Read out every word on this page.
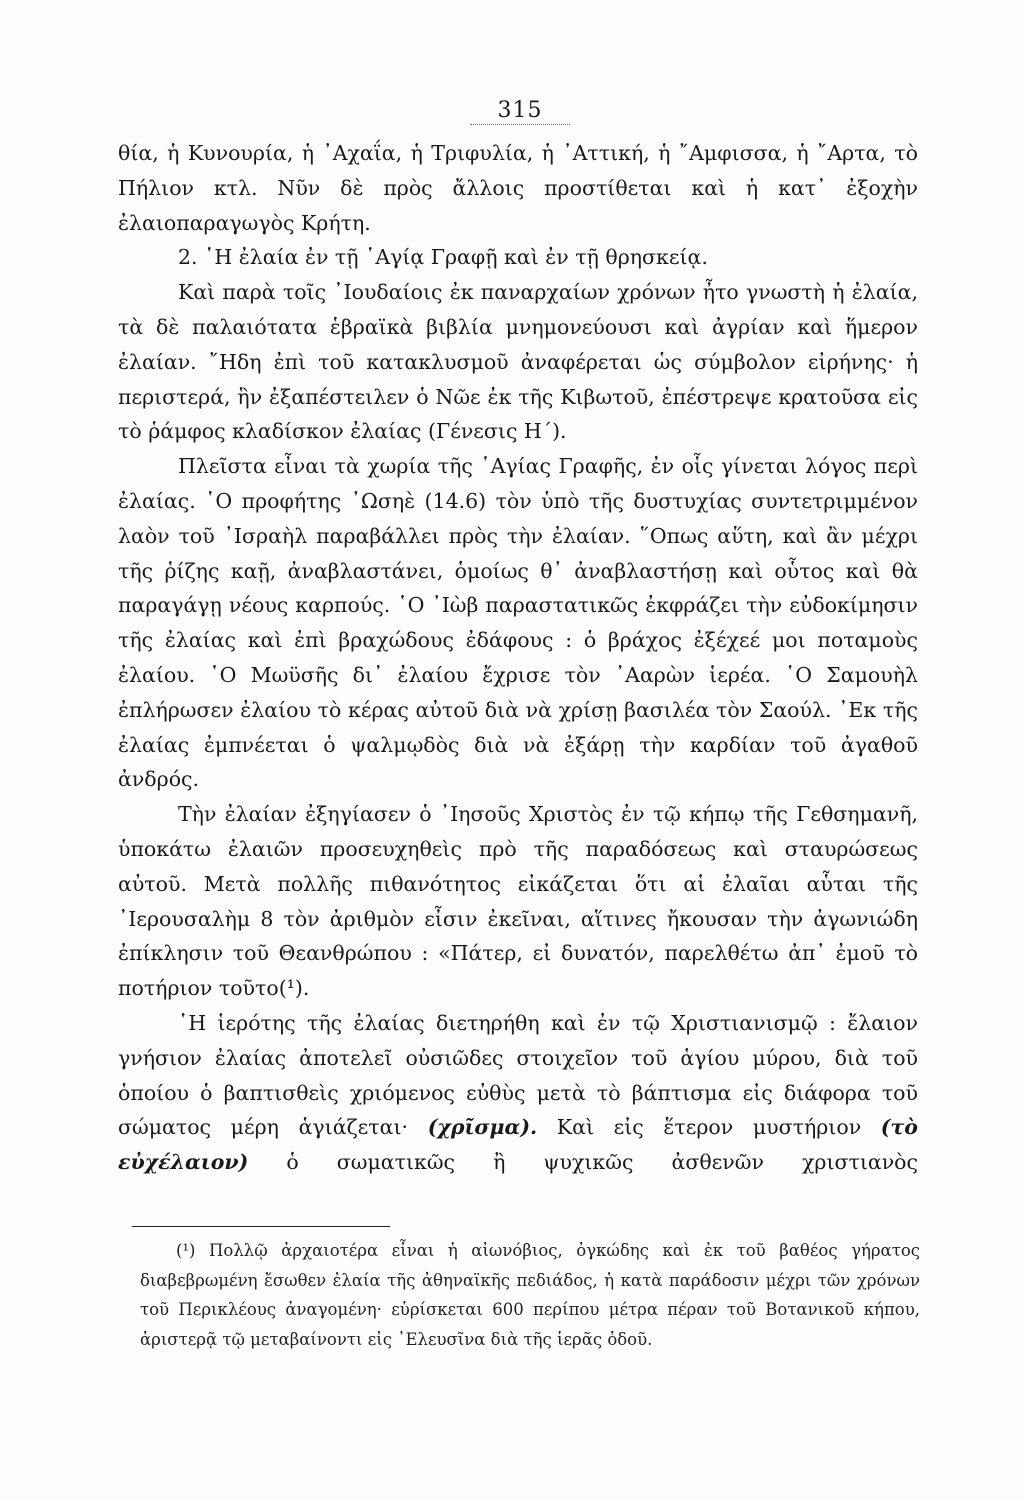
315

θία, ἡ Κυνουρία, ἡ ᾿Αχαΐα, ἡ Τριφυλία, ἡ ᾿Αττική, ἡ ῎Αμφισσα, ἡ ῎Αρτα, τὸ Πήλιον κτλ. Νῦν δὲ πρὸς ἄλλοις προστίθεται καὶ ἡ κατ᾿ ἐξοχὴν ἐλαιοπαραγωγὸς Κρήτη.

2. ῾Η ἐλαία ἐν τῇ ῾Αγίᾳ Γραφῇ καὶ ἐν τῇ θρησκείᾳ.

Καὶ παρὰ τοῖς ᾿Ιουδαίοις ἐκ παναρχαίων χρόνων ἦτο γνωστὴ ἡ ἐλαία, τὰ δὲ παλαιότατα ἑβραϊκὰ βιβλία μνημονεύουσι καὶ ἀγρίαν καὶ ἥμερον ἐλαίαν. ῎Ηδη ἐπὶ τοῦ κατακλυσμοῦ ἀναφέρεται ὡς σύμβολον εἰρήνης· ἡ περιστερά, ἣν ἐξαπέστειλεν ὁ Νῶε ἐκ τῆς Κιβωτοῦ, ἐπέστρεψε κρατοῦσα εἰς τὸ ῥάμφος κλαδίσκον ἐλαίας (Γένεσις Η΄).

Πλεῖστα εἶναι τὰ χωρία τῆς ῾Αγίας Γραφῆς, ἐν οἷς γίνεται λόγος περὶ ἐλαίας. ῾Ο προφήτης ᾿Ωσηὲ (14.6) τὸν ὑπὸ τῆς δυστυχίας συντετριμμένον λαὸν τοῦ ᾿Ισραὴλ παραβάλλει πρὸς τὴν ἐλαίαν. ῞Οπως αὕτη, καὶ ἂν μέχρι τῆς ῥίζης καῇ, ἀναβλαστάνει, ὁμοίως θ᾿ ἀναβλαστήσῃ καὶ οὗτος καὶ θὰ παραγάγῃ νέους καρπούς. ῾Ο ᾿Ιὼβ παραστατικῶς ἐκφράζει τὴν εὐδοκίμησιν τῆς ἐλαίας καὶ ἐπὶ βραχώδους ἐδάφους : ὁ βράχος ἐξέχεέ μοι ποταμοὺς ἐλαίου. ῾Ο Μωϋσῆς δι᾿ ἐλαίου ἔχρισε τὸν ᾿Ααρὼν ἱερέα. ῾Ο Σαμουὴλ ἐπλήρωσεν ἐλαίου τὸ κέρας αὐτοῦ διὰ νὰ χρίσῃ βασιλέα τὸν Σαούλ. ᾿Εκ τῆς ἐλαίας ἐμπνέεται ὁ ψαλμῳδὸς διὰ νὰ ἐξάρῃ τὴν καρδίαν τοῦ ἀγαθοῦ ἀνδρός.

Τὴν ἐλαίαν ἐξηγίασεν ὁ ᾿Ιησοῦς Χριστὸς ἐν τῷ κήπῳ τῆς Γεθσημανῆ, ὑποκάτω ἐλαιῶν προσευχηθεὶς πρὸ τῆς παραδόσεως καὶ σταυρώσεως αὐτοῦ. Μετὰ πολλῆς πιθανότητος εἰκάζεται ὅτι αἱ ἐλαῖαι αὗται τῆς ᾿Ιερουσαλὴμ 8 τὸν ἀριθμὸν εἶσιν ἐκεῖναι, αἵτινες ἤκουσαν τὴν ἀγωνιώδη ἐπίκλησιν τοῦ Θεανθρώπου : «Πάτερ, εἰ δυνατόν, παρελθέτω ἀπ᾿ ἐμοῦ τὸ ποτήριον τοῦτο(¹).

῾Η ἱερότης τῆς ἐλαίας διετηρήθη καὶ ἐν τῷ Χριστιανισμῷ : ἔλαιον γνήσιον ἐλαίας ἀποτελεῖ οὐσιῶδες στοιχεῖον τοῦ ἁγίου μύρου, διὰ τοῦ ὁποίου ὁ βαπτισθεὶς χριόμενος εὐθὺς μετὰ τὸ βάπτισμα εἰς διάφορα τοῦ σώματος μέρη ἁγιάζεται· (χρῖσμα). Καὶ εἰς ἕτερον μυστήριον (τὸ εὐχέλαιον) ὁ σωματικῶς ἢ ψυχικῶς ἀσθενῶν χριστιανὸς

(¹) Πολλῷ ἀρχαιοτέρα εἶναι ἡ αἰωνόβιος, ὀγκώδης καὶ ἐκ τοῦ βαθέος γήρατος διαβεβρωμένη ἔσωθεν ἐλαία τῆς ἀθηναϊκῆς πεδιάδος, ἡ κατὰ παράδοσιν μέχρι τῶν χρόνων τοῦ Περικλέους ἀναγομένη· εὑρίσκεται 600 περίπου μέτρα πέραν τοῦ Βοτανικοῦ κήπου, ἀριστερᾷ τῷ μεταβαίνοντι εἰς ᾿Ελευσῖνα διὰ τῆς ἱερᾶς ὁδοῦ.
